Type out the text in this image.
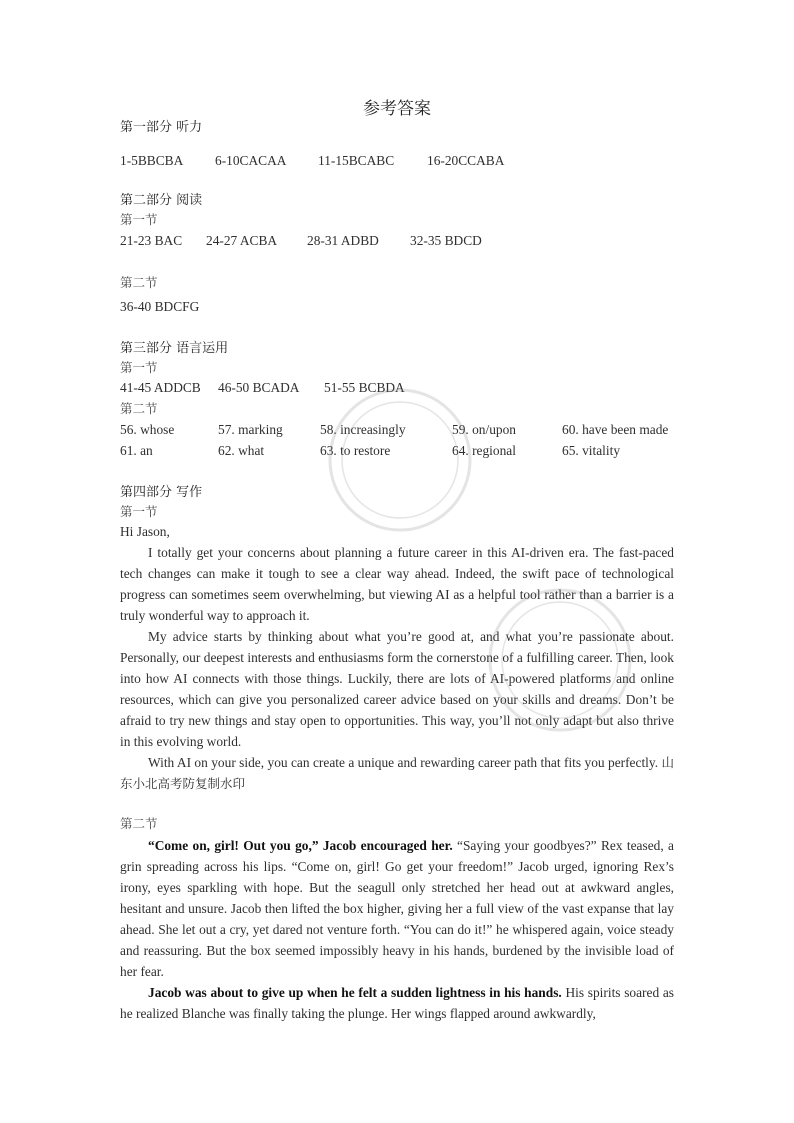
参考答案
第一部分 听力
1-5BBCBA 6-10CACAA 11-15BCABC 16-20CCABA
第二部分 阅读
第一节
21-23 BAC 24-27 ACBA 28-31 ADBD 32-35 BDCD
第二节
36-40 BDCFG
第三部分 语言运用
第一节
41-45 ADDCB 46-50 BCADA 51-55 BCBDA
第二节
56. whose	57. marking	58. increasingly	59. on/upon	60. have been made
61. an	62. what	63. to restore	64. regional	65. vitality
第四部分 写作
第一节
Hi Jason,
I totally get your concerns about planning a future career in this AI-driven era. The fast-paced tech changes can make it tough to see a clear way ahead. Indeed, the swift pace of technological progress can sometimes seem overwhelming, but viewing AI as a helpful tool rather than a barrier is a truly wonderful way to approach it.
My advice starts by thinking about what you’re good at, and what you’re passionate about. Personally, our deepest interests and enthusiasms form the cornerstone of a fulfilling career. Then, look into how AI connects with those things. Luckily, there are lots of AI-powered platforms and online resources, which can give you personalized career advice based on your skills and dreams. Don’t be afraid to try new things and stay open to opportunities. This way, you’ll not only adapt but also thrive in this evolving world.
With AI on your side, you can create a unique and rewarding career path that fits you perfectly. 山东小北高考防复制水印
第二节
“Come on, girl! Out you go,” Jacob encouraged her. “Saying your goodbyes?” Rex teased, a grin spreading across his lips. “Come on, girl! Go get your freedom!” Jacob urged, ignoring Rex’s irony, eyes sparkling with hope. But the seagull only stretched her head out at awkward angles, hesitant and unsure. Jacob then lifted the box higher, giving her a full view of the vast expanse that lay ahead. She let out a cry, yet dared not venture forth. “You can do it!” he whispered again, voice steady and reassuring. But the box seemed impossibly heavy in his hands, burdened by the invisible load of her fear.
Jacob was about to give up when he felt a sudden lightness in his hands. His spirits soared as he realized Blanche was finally taking the plunge. Her wings flapped around awkwardly,
